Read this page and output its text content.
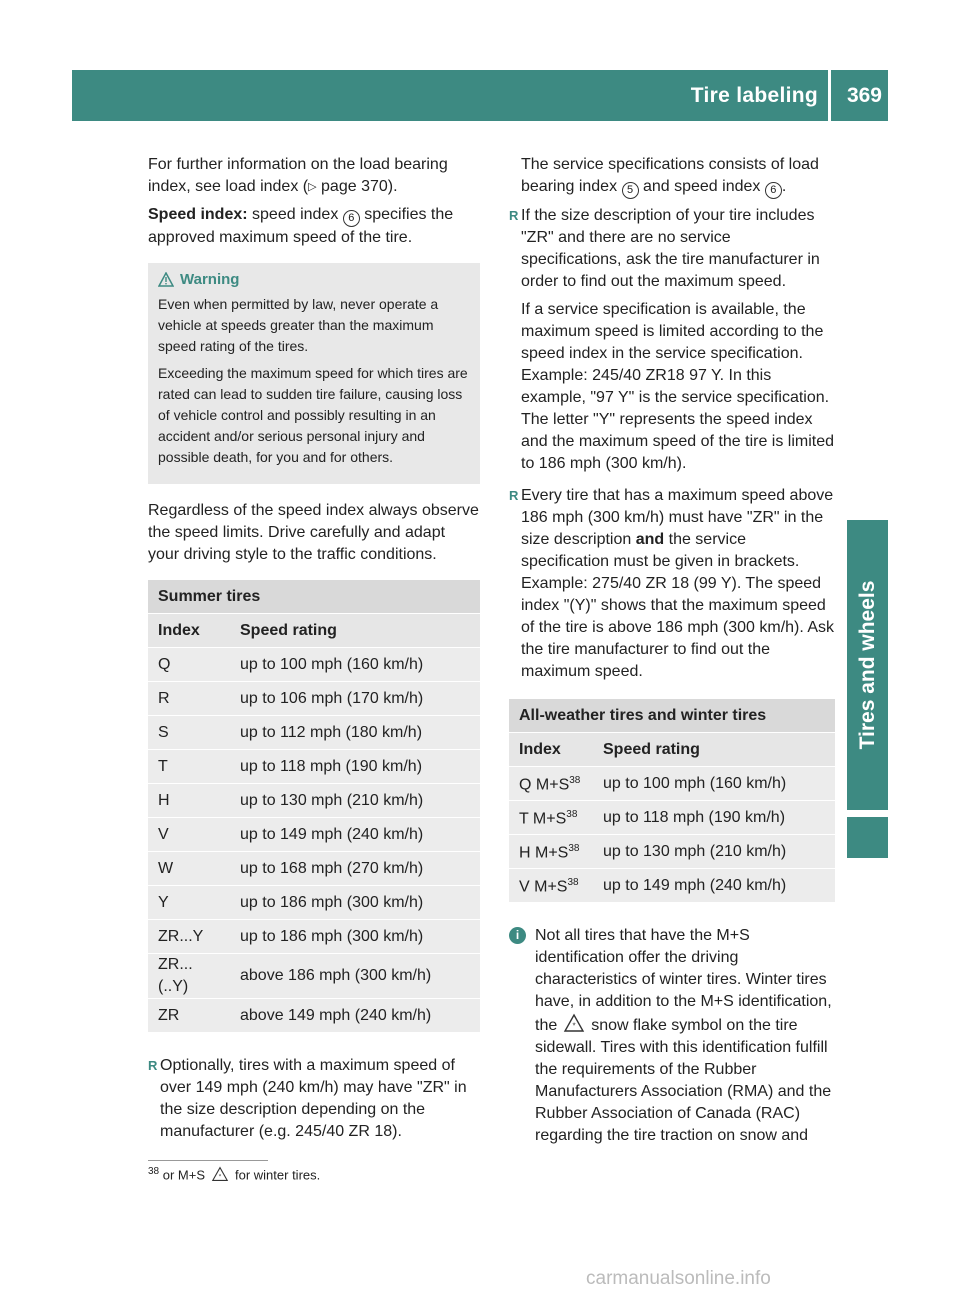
Tire labeling 369
Tires and wheels

For further information on the load bearing index, see load index (▷ page 370).

Speed index: speed index 6 specifies the approved maximum speed of the tire.

Warning

Even when permitted by law, never operate a vehicle at speeds greater than the maximum speed rating of the tires.

Exceeding the maximum speed for which tires are rated can lead to sudden tire failure, causing loss of vehicle control and possibly resulting in an accident and/or serious personal injury and possible death, for you and for others.

Regardless of the speed index always observe the speed limits. Drive carefully and adapt your driving style to the traffic conditions.

Summer tires	
Index	Speed rating
Q	up to 100 mph (160 km/h)
R	up to 106 mph (170 km/h)
S	up to 112 mph (180 km/h)
T	up to 118 mph (190 km/h)
H	up to 130 mph (210 km/h)
V	up to 149 mph (240 km/h)
W	up to 168 mph (270 km/h)
Y	up to 186 mph (300 km/h)
ZR...Y	up to 186 mph (300 km/h)
ZR...(..Y)	above 186 mph (300 km/h)
ZR	above 149 mph (240 km/h)
R Optionally, tires with a maximum speed of over 149 mph (240 km/h) may have "ZR" in the size description depending on the manufacturer (e.g. 245/40 ZR 18).

The service specifications consists of load bearing index 5 and speed index 6 .

R If the size description of your tire includes "ZR" and there are no service specifications, ask the tire manufacturer in order to find out the maximum speed.

If a service specification is available, the maximum speed is limited according to the speed index in the service specification. Example: 245/40 ZR18 97 Y. In this example, "97 Y" is the service specification. The letter "Y" represents the speed index and the maximum speed of the tire is limited to 186 mph (300 km/h).

R Every tire that has a maximum speed above 186 mph (300 km/h) must have "ZR" in the size description and the service specification must be given in brackets. Example: 275/40 ZR 18 (99 Y). The speed index "(Y)" shows that the maximum speed of the tire is above 186 mph (300 km/h). Ask the tire manufacturer to find out the maximum speed.
All-weather tires and winter tires	
Index	Speed rating
Q $M+S^{38}$	up to 100 mph (160 km/h)
T $M+S^{38}$	up to 118 mph (190 km/h)
H $M+S^{38}$	up to 130 mph (210 km/h)
V $M+S^{38}$	up to 149 mph (240 km/h)
i Not all tires that have the M+S identification offer the driving characteristics of winter tires. Winter tires have, in addition to the M+S identification, the * snow flake symbol on the tire sidewall. Tires with this identification fulfill the requirements of the Rubber Manufacturers Association (RMA) and the Rubber Association of Canada (RAC) regarding the tire traction on snow and
$^{38}$ or M+S * for winter tires.
carmanualsonline.info
